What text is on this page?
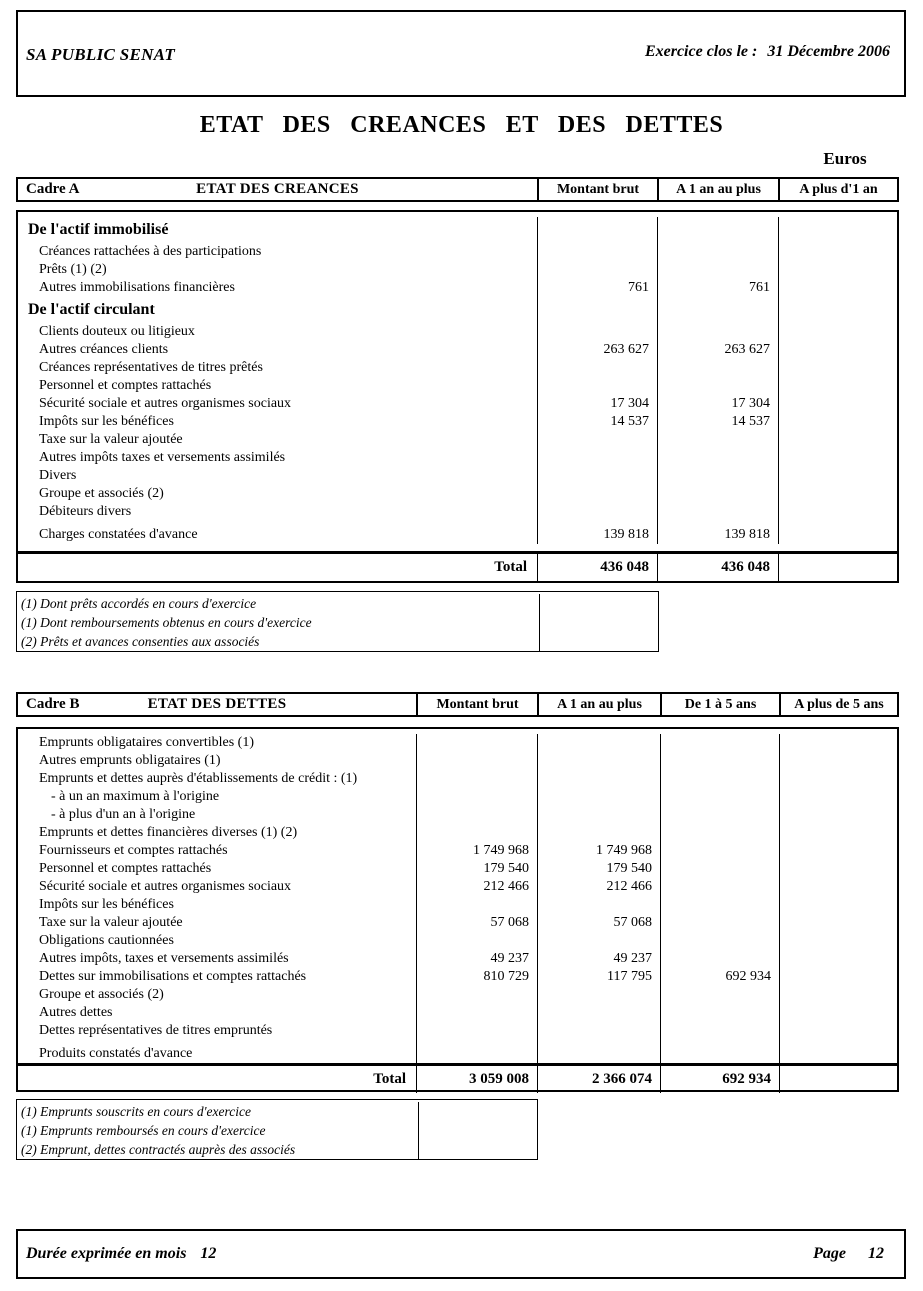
SA PUBLIC SENAT	Exercice clos le : 31 Décembre 2006
ETAT DES CREANCES ET DES DETTES
Euros
Cadre A	ETAT DES CREANCES	Montant brut	A 1 an au plus	A plus d'1 an
De l'actif immobilisé
Créances rattachées à des participations
Prêts (1) (2)
Autres immobilisations financières	761	761
De l'actif circulant
Clients douteux ou litigieux
Autres créances clients	263 627	263 627
Créances représentatives de titres prêtés
Personnel et comptes rattachés
Sécurité sociale et autres organismes sociaux	17 304	17 304
Impôts sur les bénéfices	14 537	14 537
Taxe sur la valeur ajoutée
Autres impôts taxes et versements assimilés
Divers
Groupe et associés (2)
Débiteurs divers
Charges constatées d'avance	139 818	139 818
Total	436 048	436 048
(1) Dont prêts accordés en cours d'exercice
(1) Dont remboursements obtenus en cours d'exercice
(2) Prêts et avances consenties aux associés
Cadre B	ETAT DES DETTES	Montant brut	A 1 an au plus	De 1 à 5 ans	A plus de 5 ans
Emprunts obligataires convertibles (1)
Autres emprunts obligataires (1)
Emprunts et dettes auprès d'établissements de crédit : (1)
- à un an maximum à l'origine
- à plus d'un an à l'origine
Emprunts et dettes financières diverses (1) (2)
Fournisseurs et comptes rattachés	1 749 968	1 749 968
Personnel et comptes rattachés	179 540	179 540
Sécurité sociale et autres organismes sociaux	212 466	212 466
Impôts sur les bénéfices
Taxe sur la valeur ajoutée	57 068	57 068
Obligations cautionnées
Autres impôts, taxes et versements assimilés	49 237	49 237
Dettes sur immobilisations et comptes rattachés	810 729	117 795	692 934
Groupe et associés (2)
Autres dettes
Dettes représentatives de titres empruntés
Produits constatés d'avance
Total	3 059 008	2 366 074	692 934
(1) Emprunts souscrits en cours d'exercice
(1) Emprunts remboursés en cours d'exercice
(2) Emprunt, dettes contractés auprès des associés
Durée exprimée en mois 12	Page 12
